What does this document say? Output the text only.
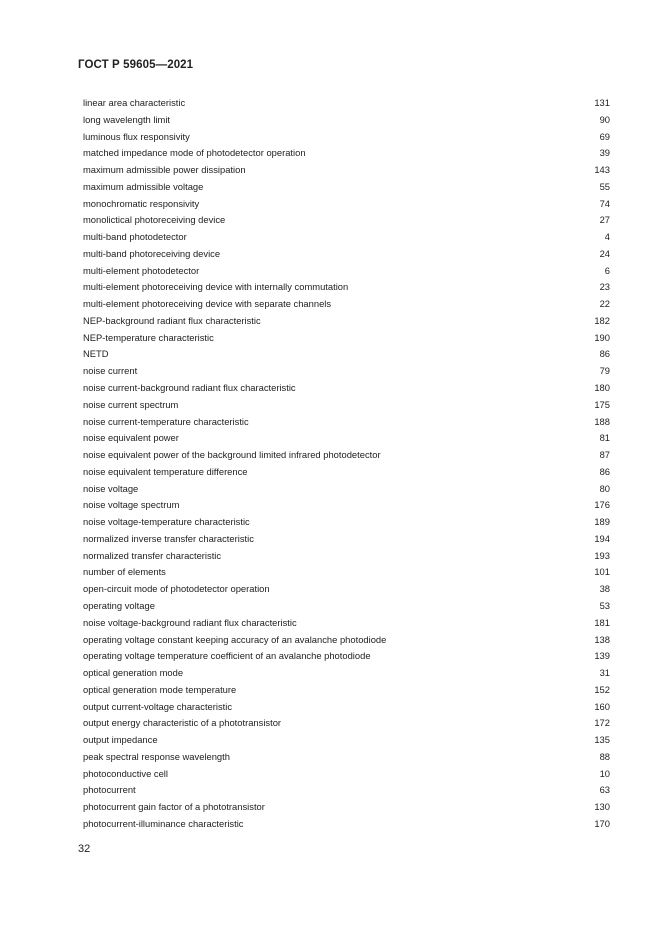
ГОСТ Р 59605—2021
linear area characteristic	131
long wavelength limit	90
luminous flux responsivity	69
matched impedance mode of photodetector operation	39
maximum admissible power dissipation	143
maximum admissible voltage	55
monochromatic responsivity	74
monolictical photoreceiving device	27
multi-band photodetector	4
multi-band photoreceiving device	24
multi-element photodetector	6
multi-element photoreceiving device with internally commutation	23
multi-element photoreceiving device with separate channels	22
NEP-background radiant flux characteristic	182
NEP-temperature characteristic	190
NETD	86
noise current	79
noise current-background radiant flux characteristic	180
noise current spectrum	175
noise current-temperature characteristic	188
noise equivalent power	81
noise equivalent power of the background limited infrared photodetector	87
noise equivalent temperature difference	86
noise voltage	80
noise voltage spectrum	176
noise voltage-temperature characteristic	189
normalized inverse transfer characteristic	194
normalized transfer characteristic	193
number of elements	101
open-circuit mode of photodetector operation	38
operating voltage	53
noise voltage-background radiant flux characteristic	181
operating voltage constant keeping accuracy of an avalanche photodiode	138
operating voltage temperature coefficient of an avalanche photodiode	139
optical generation mode	31
optical generation mode temperature	152
output current-voltage characteristic	160
output energy characteristic of a phototransistor	172
output impedance	135
peak spectral response wavelength	88
photoconductive cell	10
photocurrent	63
photocurrent gain factor of a phototransistor	130
photocurrent-illuminance characteristic	170
32
